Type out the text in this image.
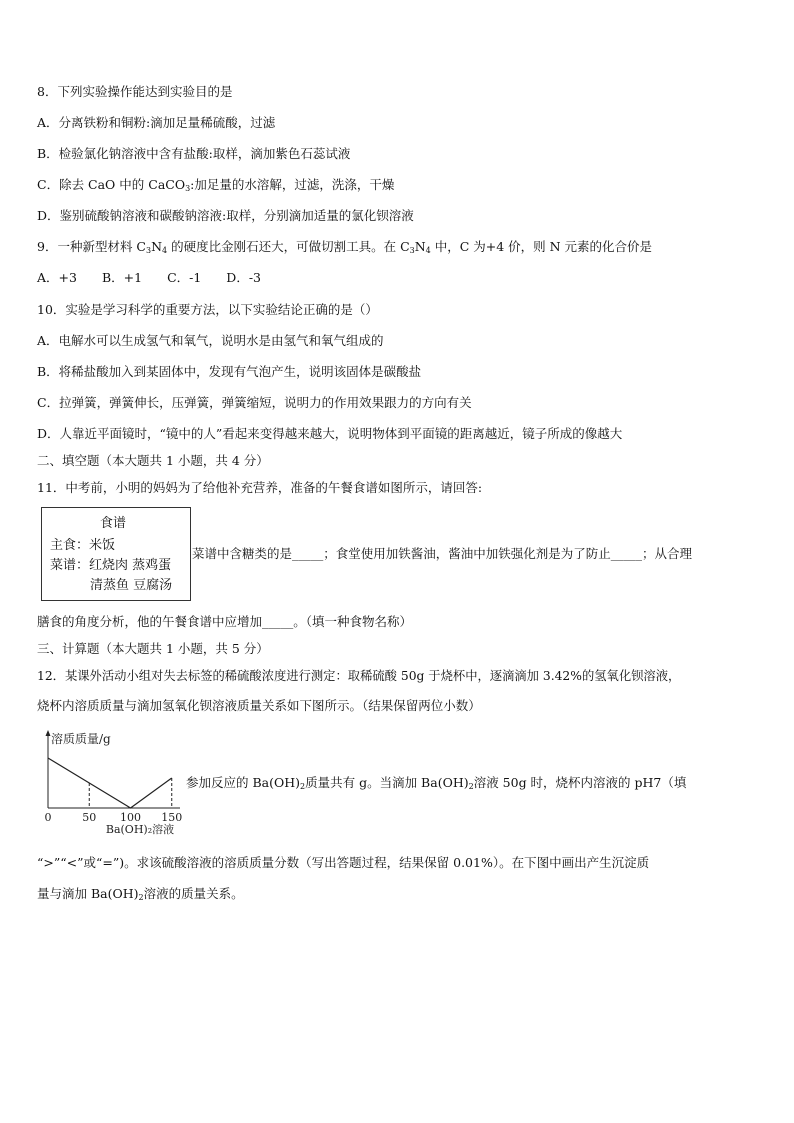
8．下列实验操作能达到实验目的是
A．分离铁粉和铜粉:滴加足量稀硫酸，过滤
B．检验氯化钠溶液中含有盐酸:取样，滴加紫色石蕊试液
C．除去 CaO 中的 CaCO$_3$:加足量的水溶解，过滤，洗涤，干燥
D．鉴别硫酸钠溶液和碳酸钠溶液:取样，分别滴加适量的氯化钡溶液
9．一种新型材料 $C_3N_4$ 的硬度比金刚石还大，可做切割工具。在 $C_3N_4$ 中，C 为+4 价，则 N 元素的化合价是
A．+3　　B．+1　　C．-1　　D．-3
10．实验是学习科学的重要方法，以下实验结论正确的是（）
A．电解水可以生成氢气和氧气，说明水是由氢气和氧气组成的
B．将稀盐酸加入到某固体中，发现有气泡产生，说明该固体是碳酸盐
C．拉弹簧，弹簧伸长，压弹簧，弹簧缩短，说明力的作用效果跟力的方向有关
D．人靠近平面镜时，“镜中的人”看起来变得越来越大，说明物体到平面镜的距离越近，镜子所成的像越大
二、填空题（本大题共 1 小题，共 4 分）
11．中考前，小明的妈妈为了给他补充营养，准备的午餐食谱如图所示，请回答:
食谱
主食：米饭
菜谱：红烧肉 蒸鸡蛋
清蒸鱼 豆腐汤
菜谱中含糖类的是_____；食堂使用加铁酱油，酱油中加铁强化剂是为了防止_____；从合理
膳食的角度分析，他的午餐食谱中应增加_____。（填一种食物名称）
三、计算题（本大题共 1 小题，共 5 分）
12．某课外活动小组对失去标签的稀硫酸浓度进行测定：取稀硫酸 50g 于烧杯中，逐滴滴加 3.42%的氢氧化钡溶液，
烧杯内溶质质量与滴加氢氧化钡溶液质量关系如下图所示。（结果保留两位小数）
溶质质量/g
0	50 100 150
Ba(OH)₂溶液
参加反应的 $Ba(OH)_2$质量共有 g。当滴加 $Ba(OH)_2$溶液 50g 时，烧杯内溶液的 pH7（填
“>”“<”或“=”)。求该硫酸溶液的溶质质量分数（写出答题过程，结果保留 0.01%）。在下图中画出产生沉淀质
量与滴加 $Ba(OH)_2$溶液的质量关系。
